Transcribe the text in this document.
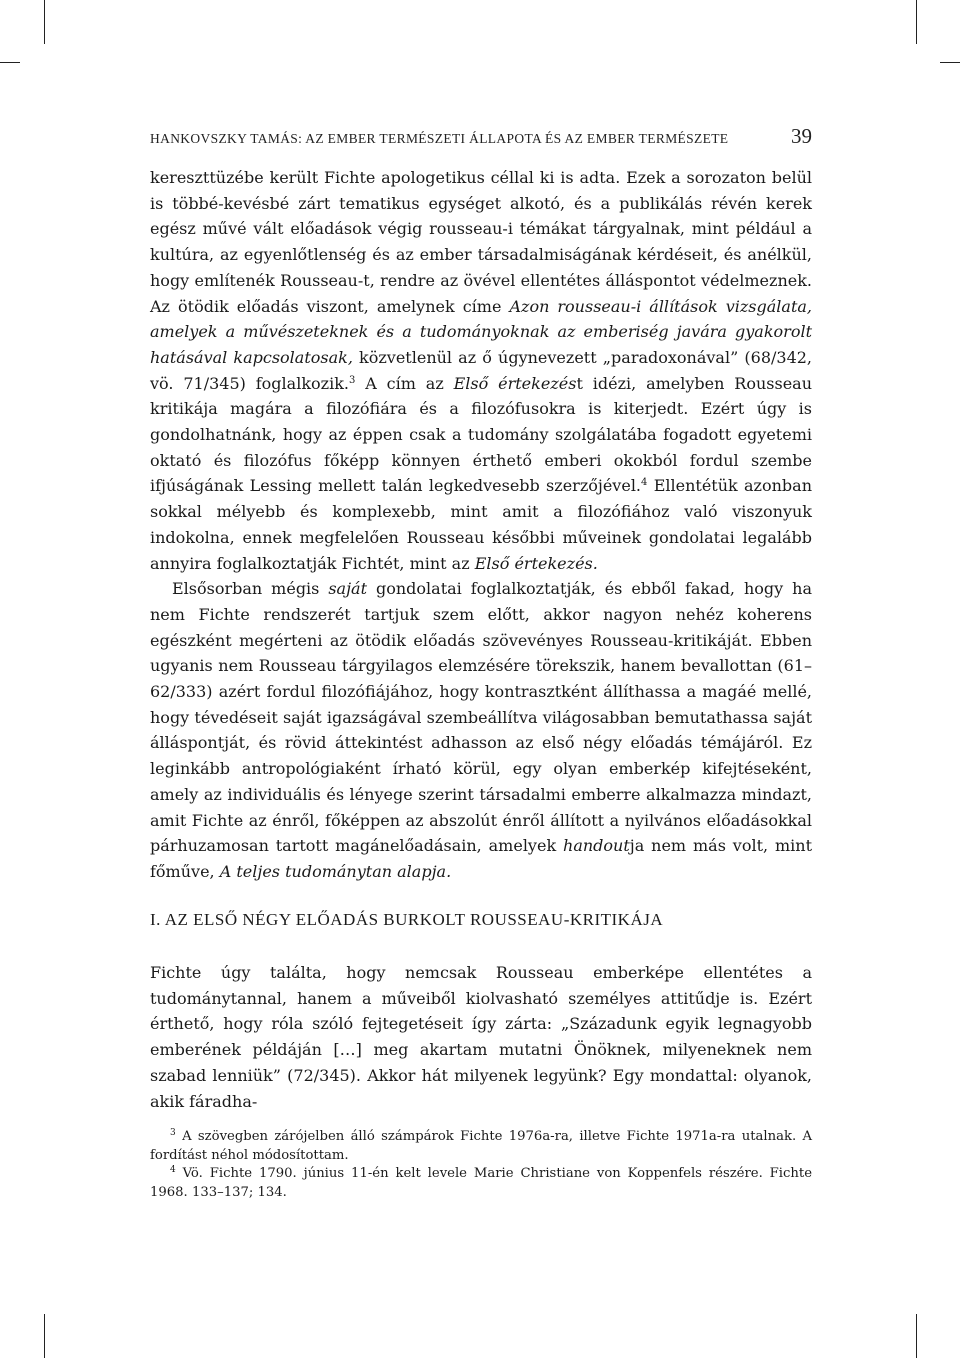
HANKOVSZKY TAMÁS: AZ EMBER TERMÉSZETI ÁLLAPOTA ÉS AZ EMBER TERMÉSZETE	39

kereszttüzébe került Fichte apologetikus céllal ki is adta. Ezek a sorozaton belül is többé-kevésbé zárt tematikus egységet alkotó, és a publikálás révén kerek egész művé vált előadások végig rousseau-i témákat tárgyalnak, mint például a kultúra, az egyenlőtlenség és az ember társadalmiságának kérdéseit, és anélkül, hogy említenék Rousseau-t, rendre az övével ellentétes álláspontot védelmeznek. Az ötödik előadás viszont, amelynek címe Azon rousseau-i állítások vizsgálata, amelyek a művészeteknek és a tudományoknak az emberiség javára gyakorolt hatásával kapcsolatosak, közvetlenül az ő úgynevezett „paradoxonával” (68/342, vö. 71/345) foglalkozik.$^3$ A cím az Első értekezést idézi, amelyben Rousseau kritikája magára a filozófiára és a filozófusokra is kiterjedt. Ezért úgy is gondolhatnánk, hogy az éppen csak a tudomány szolgálatába fogadott egyetemi oktató és filozófus főképp könnyen érthető emberi okokból fordul szembe ifjúságának Lessing mellett talán legkedvesebb szerzőjével.$^4$ Ellentétük azonban sokkal mélyebb és komplexebb, mint amit a filozófiához való viszonyuk indokolna, ennek megfelelően Rousseau későbbi műveinek gondolatai legalább annyira foglalkoztatják Fichtét, mint az Első értekezés.

Elsősorban mégis saját gondolatai foglalkoztatják, és ebből fakad, hogy ha nem Fichte rendszerét tartjuk szem előtt, akkor nagyon nehéz koherens egészként megérteni az ötödik előadás szövevényes Rousseau-kritikáját. Ebben ugyanis nem Rousseau tárgyilagos elemzésére törekszik, hanem bevallottan (61–62/333) azért fordul filozófiájához, hogy kontrasztként állíthassa a magáé mellé, hogy tévedéseit saját igazságával szembeállítva világosabban bemutathassa saját álláspontját, és rövid áttekintést adhasson az első négy előadás témájáról. Ez leginkább antropológiaként írható körül, egy olyan emberkép kifejtéseként, amely az individuális és lényege szerint társadalmi emberre alkalmazza mindazt, amit Fichte az énről, főképpen az abszolút énről állított a nyilvános előadásokkal párhuzamosan tartott magánelőadásain, amelyek handoutja nem más volt, mint főműve, A teljes tudománytan alapja.

I. AZ ELSŐ NÉGY ELŐADÁS BURKOLT ROUSSEAU-KRITIKÁJA

Fichte úgy találta, hogy nemcsak Rousseau emberképe ellentétes a tudománytannal, hanem a műveiből kiolvasható személyes attitűdje is. Ezért érthető, hogy róla szóló fejtegetéseit így zárta: „Századunk egyik legnagyobb emberének példáján […] meg akartam mutatni Önöknek, milyeneknek nem szabad lenniük” (72/345). Akkor hát milyenek legyünk? Egy mondattal: olyanok, akik fáradha-

$^3$ A szövegben zárójelben álló számpárok Fichte 1976a-ra, illetve Fichte 1971a-ra utalnak. A fordítást néhol módosítottam.

$^4$ Vö. Fichte 1790. június 11-én kelt levele Marie Christiane von Koppenfels részére. Fichte 1968. 133–137; 134.
